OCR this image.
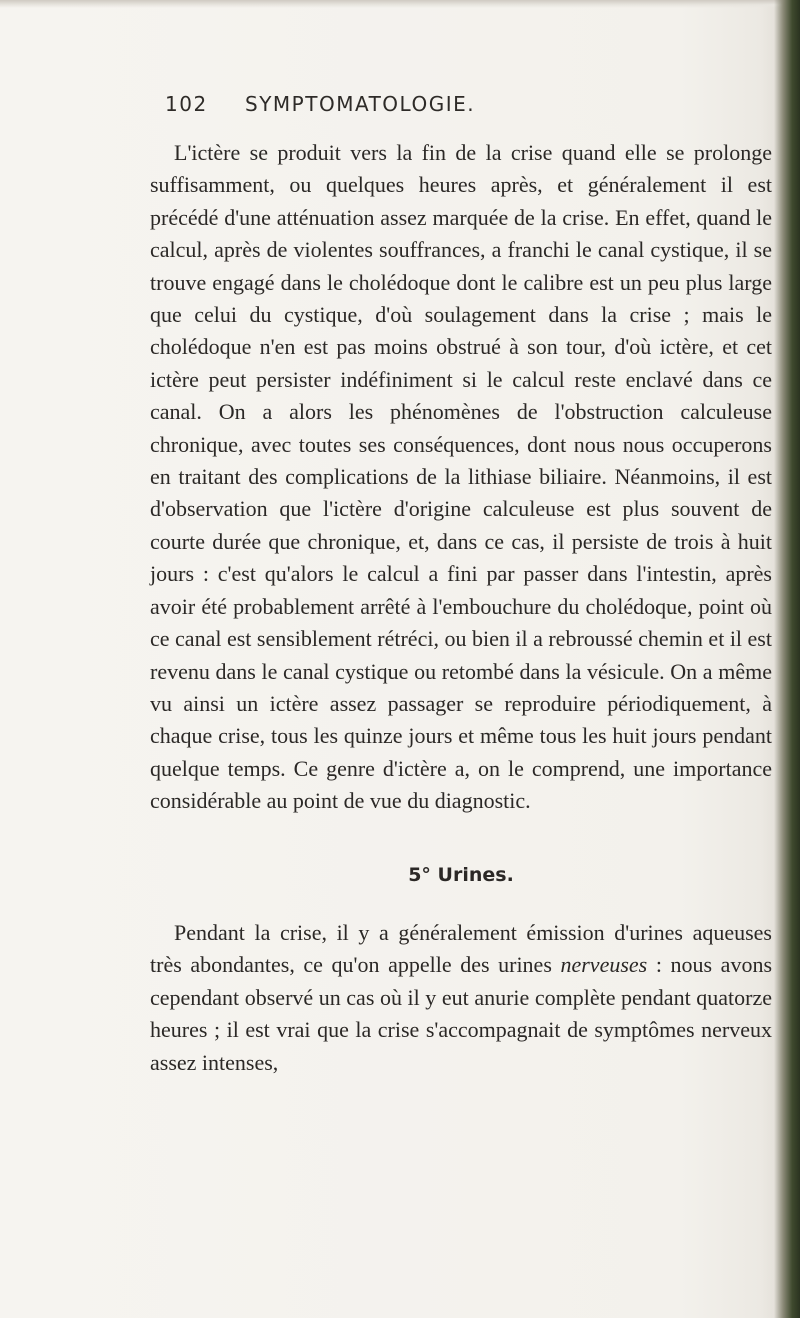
102 SYMPTOMATOLOGIE.

L'ictère se produit vers la fin de la crise quand elle se prolonge suffisamment, ou quelques heures après, et généralement il est précédé d'une atténuation assez marquée de la crise. En effet, quand le calcul, après de violentes souffrances, a franchi le canal cystique, il se trouve engagé dans le cholédoque dont le calibre est un peu plus large que celui du cystique, d'où soulagement dans la crise ; mais le cholédoque n'en est pas moins obstrué à son tour, d'où ictère, et cet ictère peut persister indéfiniment si le calcul reste enclavé dans ce canal. On a alors les phénomènes de l'obstruction calculeuse chronique, avec toutes ses conséquences, dont nous nous occuperons en traitant des complications de la lithiase biliaire. Néanmoins, il est d'observation que l'ictère d'origine calculeuse est plus souvent de courte durée que chronique, et, dans ce cas, il persiste de trois à huit jours : c'est qu'alors le calcul a fini par passer dans l'intestin, après avoir été probablement arrêté à l'embouchure du cholédoque, point où ce canal est sensiblement rétréci, ou bien il a rebroussé chemin et il est revenu dans le canal cystique ou retombé dans la vésicule. On a même vu ainsi un ictère assez passager se reproduire périodiquement, à chaque crise, tous les quinze jours et même tous les huit jours pendant quelque temps. Ce genre d'ictère a, on le comprend, une importance considérable au point de vue du diagnostic.

5° Urines.

Pendant la crise, il y a généralement émission d'urines aqueuses très abondantes, ce qu'on appelle des urines nerveuses : nous avons cependant observé un cas où il y eut anurie complète pendant quatorze heures ; il est vrai que la crise s'accompagnait de symptômes nerveux assez intenses,
